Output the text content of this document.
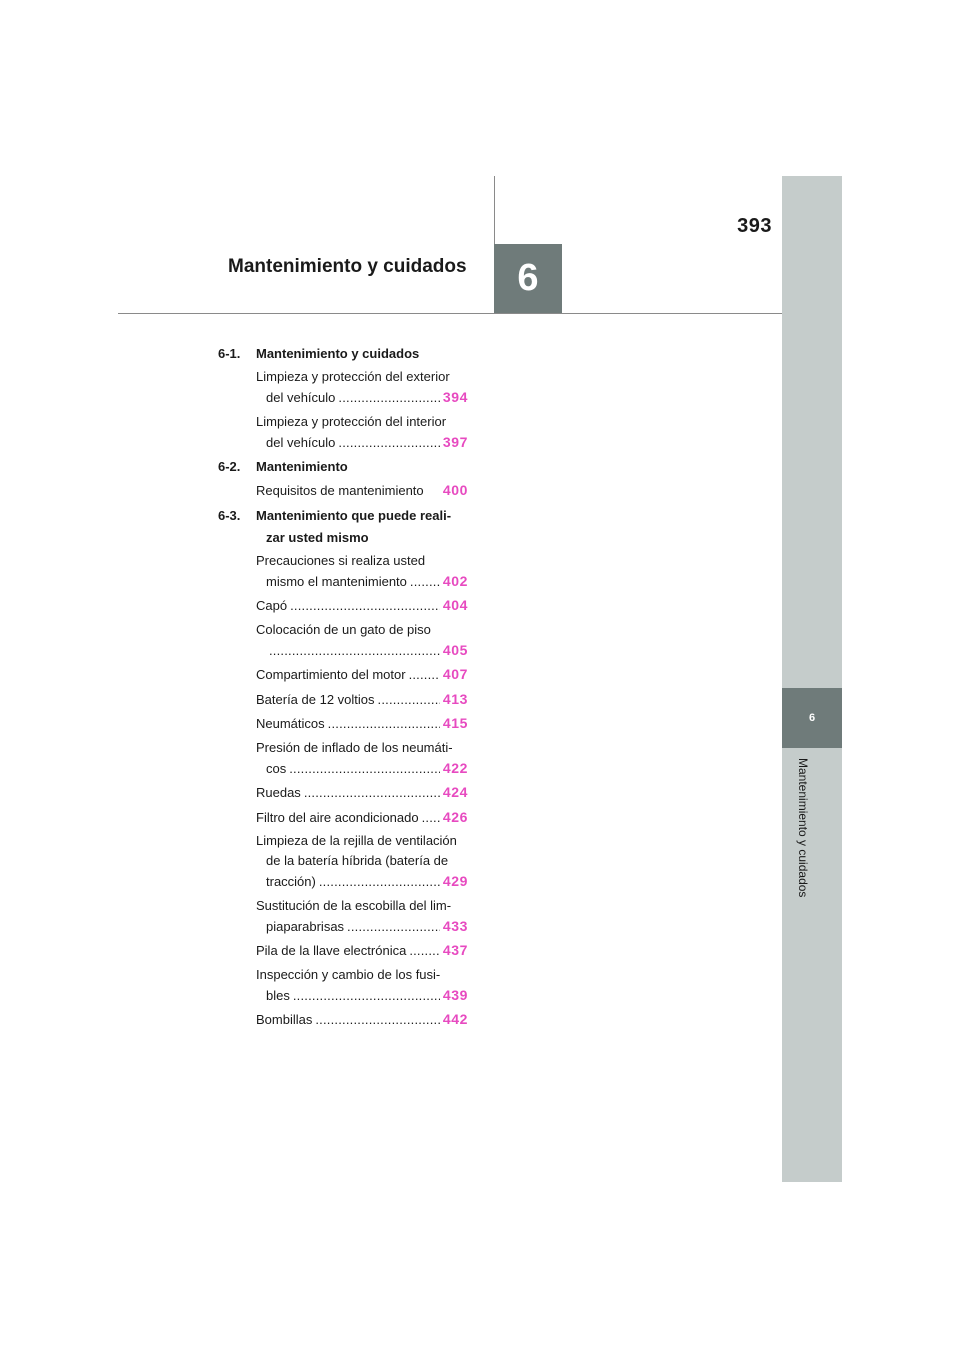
393
Mantenimiento y cuidados 6
6
Mantenimiento y cuidados
6-1. Mantenimiento y cuidados
Limpieza y protección del exterior
del vehículo .....	394
Limpieza y protección del interior
del vehículo .....	397
6-2. Mantenimiento
Requisitos de mantenimiento 400
6-3. Mantenimiento que puede reali-
zar usted mismo
Precauciones si realiza usted
mismo el mantenimiento .....	402
Capó .....	404
Colocación de un gato de piso
.....
405
Compartimiento del motor .....	407
Batería de 12 voltios .....	413
Neumáticos .....	415
Presión de inflado de los neumáti-
cos .....	422
Ruedas .....	424
Filtro del aire acondicionado ..... 426
Limpieza de la rejilla de ventilación
de la batería híbrida (batería de
tracción) .....	429
Sustitución de la escobilla del lim-
piaparabrisas .....	433
Pila de la llave electrónica .....	437
Inspección y cambio de los fusi-
bles .....	439
Bombillas .....	442
